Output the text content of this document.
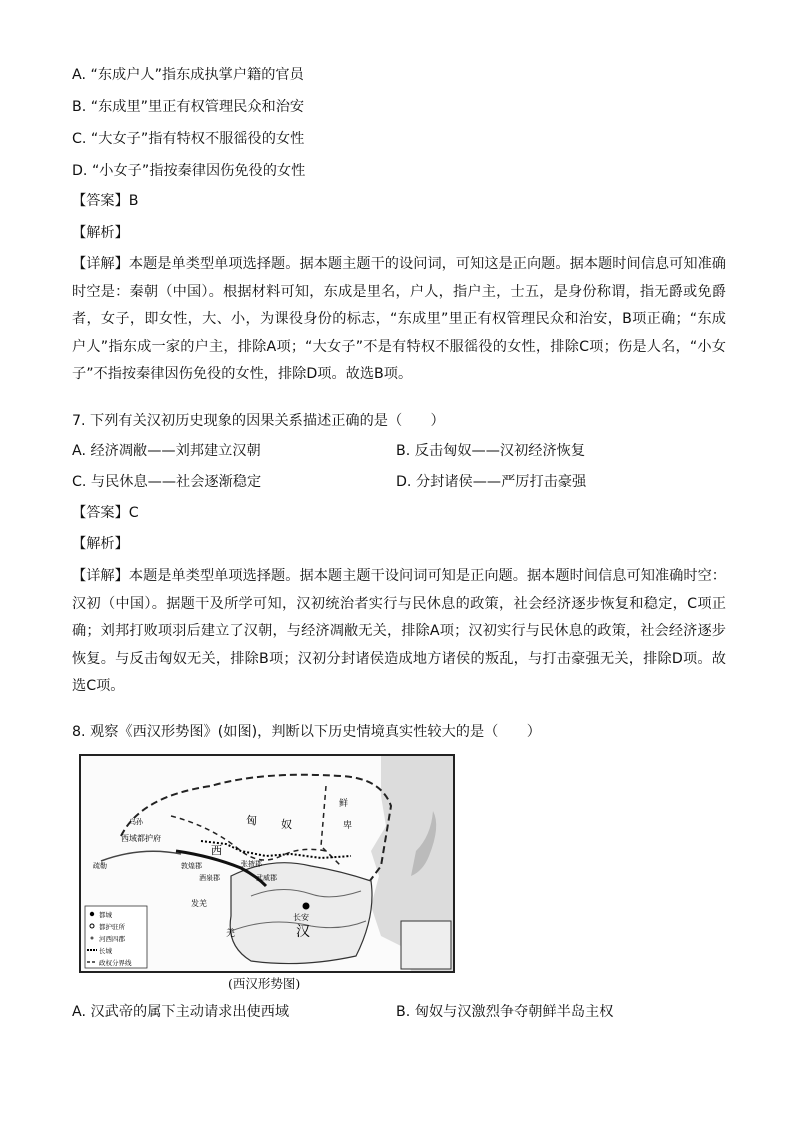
A. “东成户人”指东成执掌户籍的官员
B. “东成里”里正有权管理民众和治安
C. “大女子”指有特权不服徭役的女性
D. “小女子”指按秦律因伤免役的女性
【答案】B
【解析】
【详解】本题是单类型单项选择题。据本题主题干的设问词，可知这是正向题。据本题时间信息可知准确时空是：秦朝（中国）。根据材料可知，东成是里名，户人，指户主，士五，是身份称谓，指无爵或免爵者，女子，即女性，大、小，为课役身份的标志，“东成里”里正有权管理民众和治安，B项正确；“东成户人”指东成一家的户主，排除A项；“大女子”不是有特权不服徭役的女性，排除C项；伤是人名，“小女子”不指按秦律因伤免役的女性，排除D项。故选B项。
7. 下列有关汉初历史现象的因果关系描述正确的是（　　）
A. 经济凋敝——刘邦建立汉朝	B. 反击匈奴——汉初经济恢复
C. 与民休息——社会逐渐稳定	D. 分封诸侯——严厉打击豪强
【答案】C
【解析】
【详解】本题是单类型单项选择题。据本题主题干设问词可知是正向题。据本题时间信息可知准确时空：汉初（中国）。据题干及所学可知，汉初统治者实行与民休息的政策，社会经济逐步恢复和稳定，C项正确；刘邦打败项羽后建立了汉朝，与经济凋敝无关，排除A项；汉初实行与民休息的政策，社会经济逐步恢复。与反击匈奴无关，排除B项；汉初分封诸侯造成地方诸侯的叛乱，与打击豪强无关，排除D项。故选C项。
8. 观察《西汉形势图》(如图)，判断以下历史情境真实性较大的是（　　）
匈 奴
鲜
卑
西
西域都护府
敦煌郡
酒泉郡
张掖郡
武威郡
长安
汉
羌
乌孙
疏勒
发羌
都城
都护驻所
河西四郡
长城
政权分界线
(西汉形势图)
A. 汉武帝的属下主动请求出使西域	B. 匈奴与汉激烈争夺朝鲜半岛主权
